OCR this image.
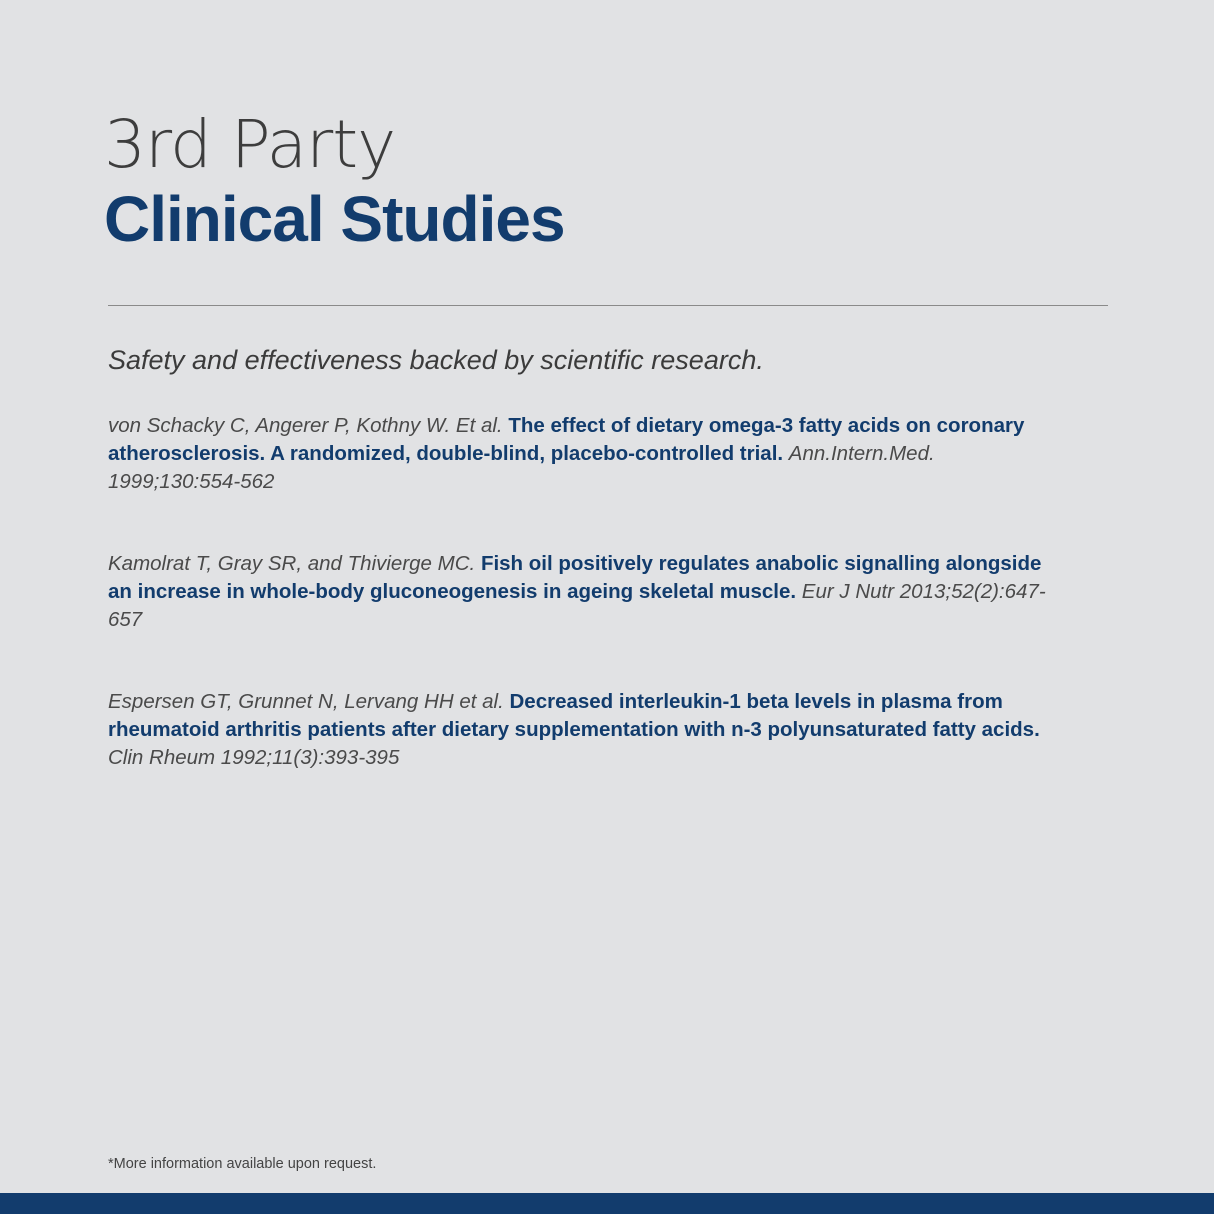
3rd Party
Clinical Studies
Safety and effectiveness backed by scientific research.
von Schacky C, Angerer P, Kothny W. Et al. The effect of dietary omega-3 fatty acids on coronary atherosclerosis. A randomized, double-blind, placebo-controlled trial. Ann.Intern.Med. 1999;130:554-562
Kamolrat T, Gray SR, and Thivierge MC. Fish oil positively regulates anabolic signalling alongside an increase in whole-body gluconeogenesis in ageing skeletal muscle. Eur J Nutr 2013;52(2):647-657
Espersen GT, Grunnet N, Lervang HH et al. Decreased interleukin-1 beta levels in plasma from rheumatoid arthritis patients after dietary supplementation with n-3 polyunsaturated fatty acids. Clin Rheum 1992;11(3):393-395
*More information available upon request.
